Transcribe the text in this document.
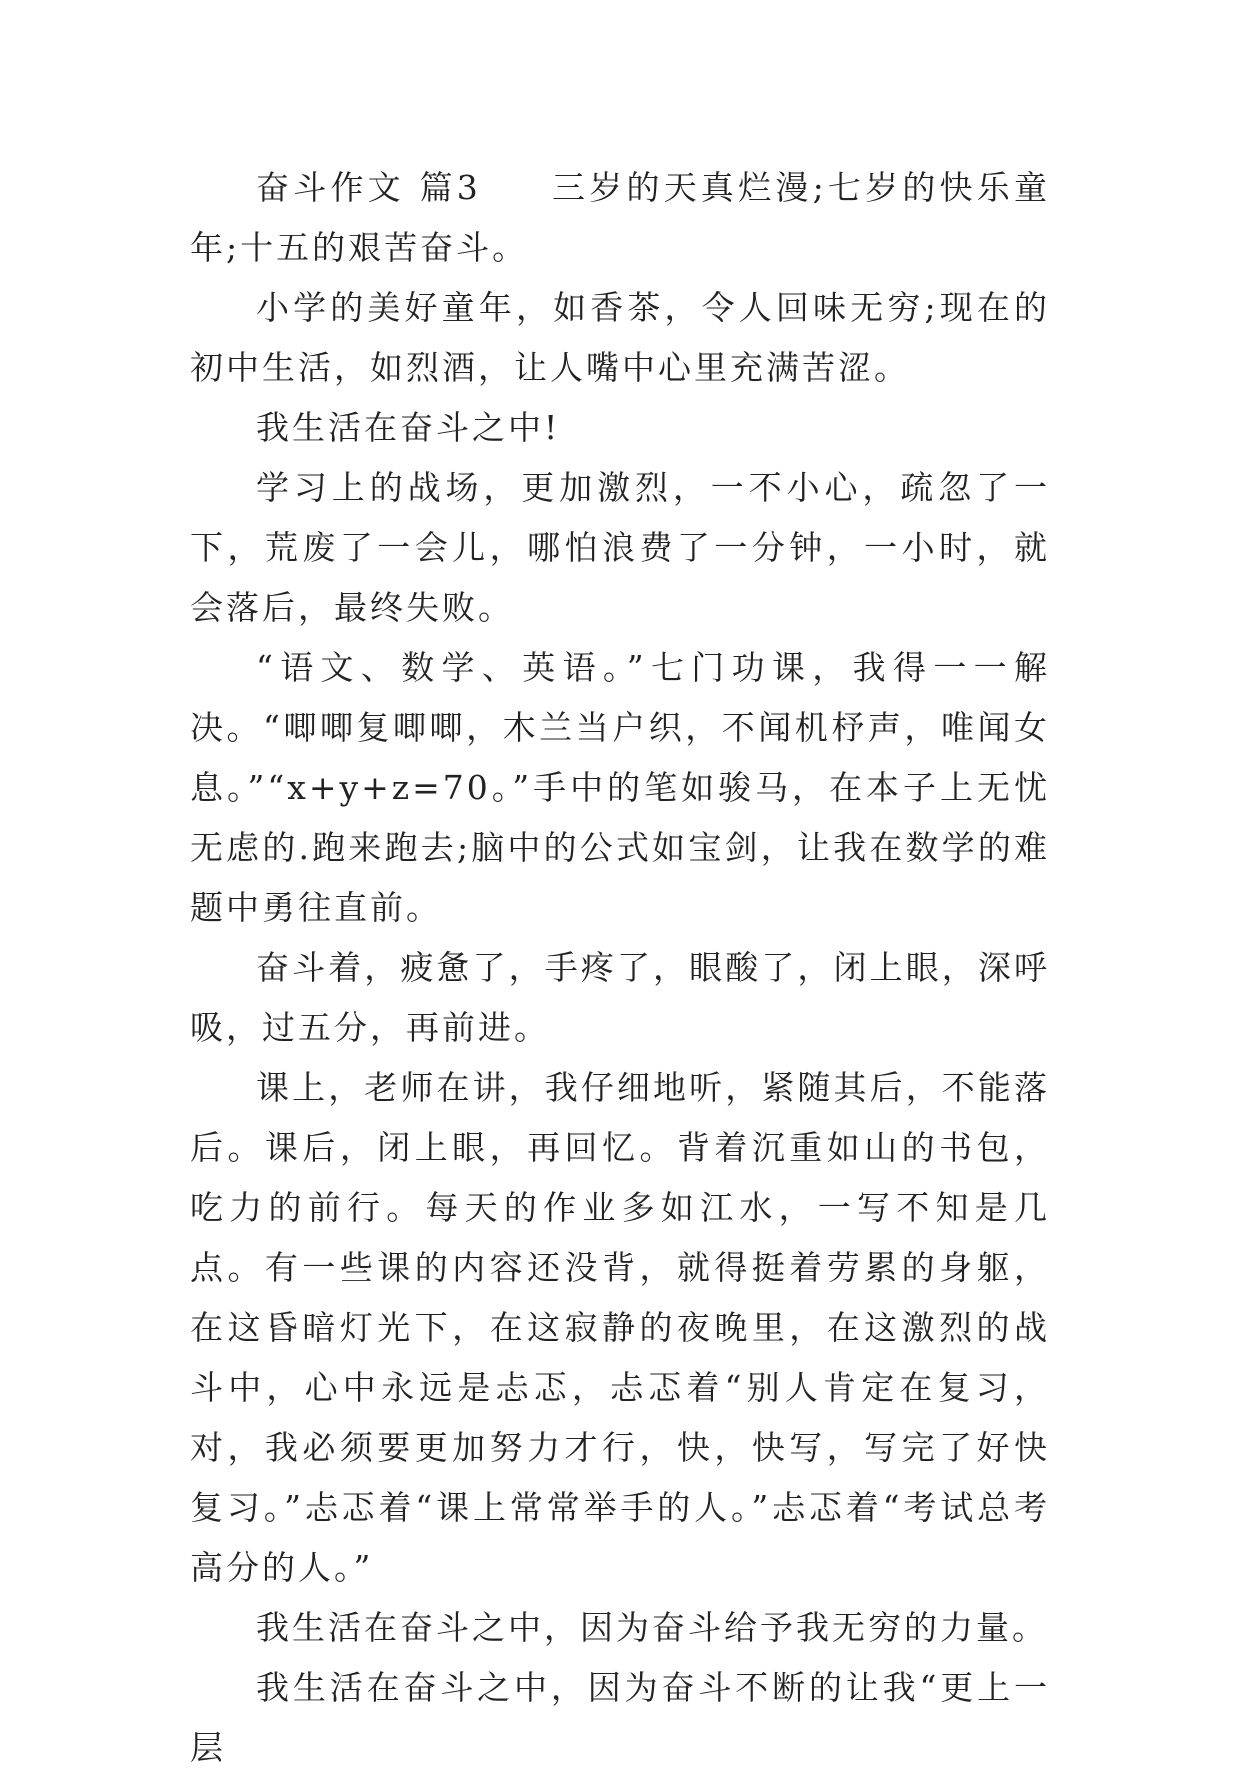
奋斗作文 篇3 三岁的天真烂漫;七岁的快乐童年;十五的艰苦奋斗。

小学的美好童年，如香茶，令人回味无穷;现在的初中生活，如烈酒，让人嘴中心里充满苦涩。

我生活在奋斗之中!

学习上的战场，更加激烈，一不小心，疏忽了一下，荒废了一会儿，哪怕浪费了一分钟，一小时，就会落后，最终失败。

“语文、数学、英语。”七门功课，我得一一解决。“唧唧复唧唧，木兰当户织，不闻机杼声，唯闻女息。”“x+y+z=70。”手中的笔如骏马，在本子上无忧无虑的.跑来跑去;脑中的公式如宝剑，让我在数学的难题中勇往直前。

奋斗着，疲惫了，手疼了，眼酸了，闭上眼，深呼吸，过五分，再前进。

课上，老师在讲，我仔细地听，紧随其后，不能落后。课后，闭上眼，再回忆。背着沉重如山的书包，吃力的前行。每天的作业多如江水，一写不知是几点。有一些课的内容还没背，就得挺着劳累的身躯，在这昏暗灯光下，在这寂静的夜晚里，在这激烈的战斗中，心中永远是忐忑，忐忑着“别人肯定在复习，对，我必须要更加努力才行，快，快写，写完了好快复习。”忐忑着“课上常常举手的人。”忐忑着“考试总考高分的人。”

我生活在奋斗之中，因为奋斗给予我无穷的力量。

我生活在奋斗之中，因为奋斗不断的让我“更上一层
